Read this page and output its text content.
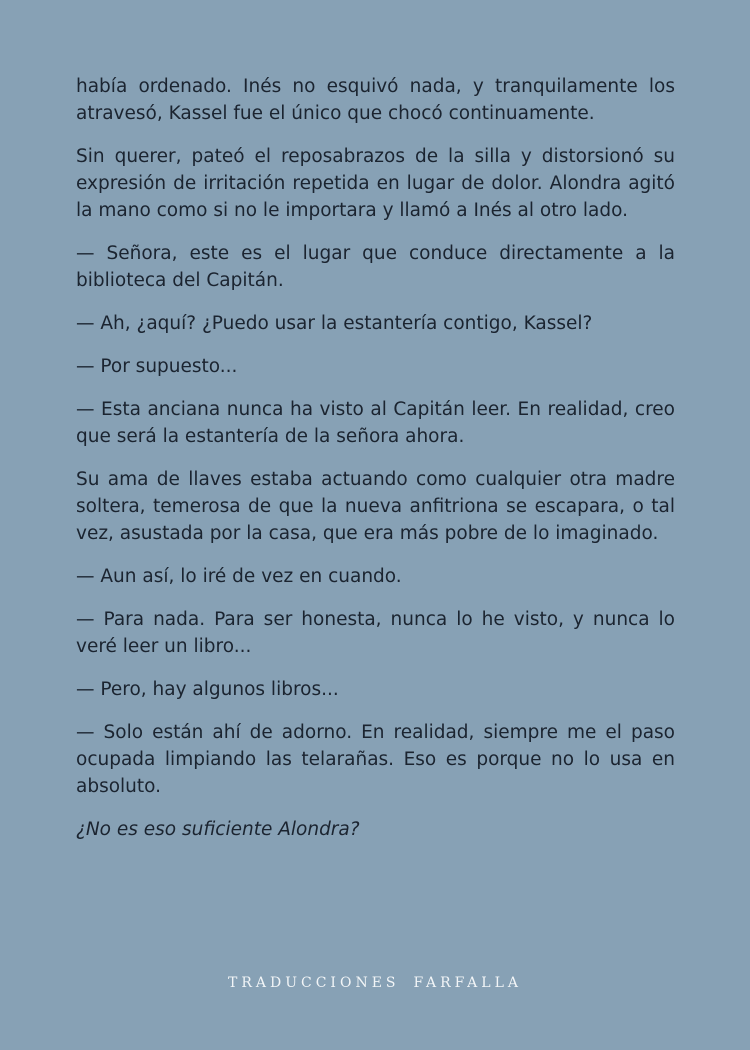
había ordenado. Inés no esquivó nada, y tranquilamente los atravesó, Kassel fue el único que chocó continuamente.

Sin querer, pateó el reposabrazos de la silla y distorsionó su expresión de irritación repetida en lugar de dolor. Alondra agitó la mano como si no le importara y llamó a Inés al otro lado.

— Señora, este es el lugar que conduce directamente a la biblioteca del Capitán.

— Ah, ¿aquí? ¿Puedo usar la estantería contigo, Kassel?

— Por supuesto...

— Esta anciana nunca ha visto al Capitán leer. En realidad, creo que será la estantería de la señora ahora.

Su ama de llaves estaba actuando como cualquier otra madre soltera, temerosa de que la nueva anfitriona se escapara, o tal vez, asustada por la casa, que era más pobre de lo imaginado.

— Aun así, lo iré de vez en cuando.

— Para nada. Para ser honesta, nunca lo he visto, y nunca lo veré leer un libro...

— Pero, hay algunos libros...

— Solo están ahí de adorno. En realidad, siempre me el paso ocupada limpiando las telarañas. Eso es porque no lo usa en absoluto.

¿No es eso suficiente Alondra?

TRADUCCIONES FARFALLA
